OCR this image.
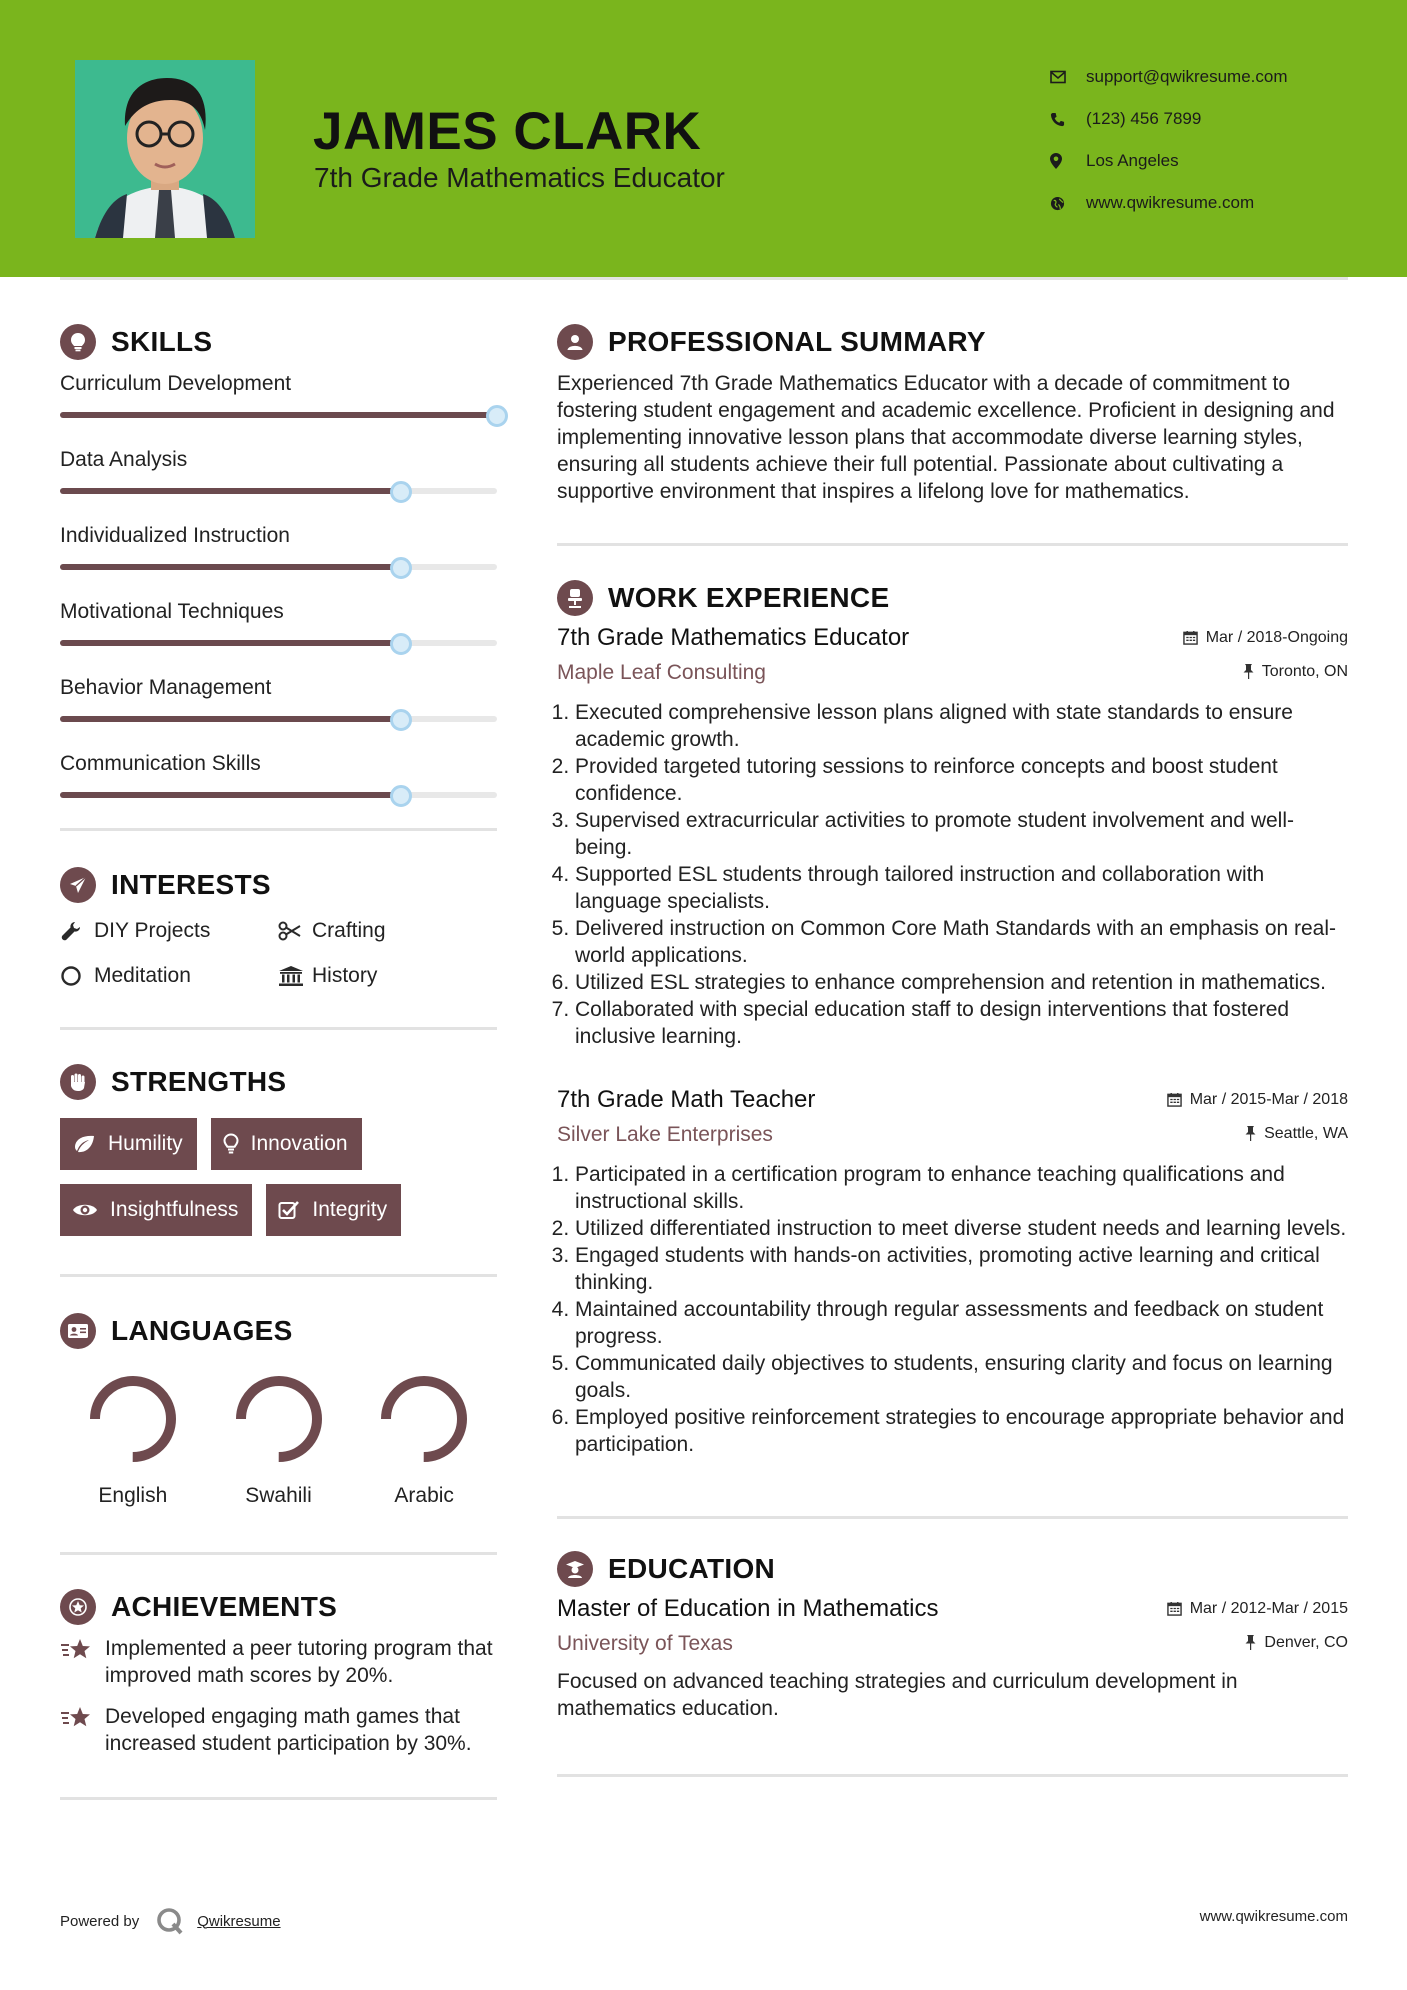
JAMES CLARK
7th Grade Mathematics Educator
support@qwikresume.com
(123) 456 7899
Los Angeles
www.qwikresume.com
SKILLS
Curriculum Development
Data Analysis
Individualized Instruction
Motivational Techniques
Behavior Management
Communication Skills
INTERESTS
DIY Projects	Crafting
Meditation	History
STRENGTHS
Humility	Innovation
Insightfulness	Integrity
LANGUAGES
English	Swahili	Arabic
ACHIEVEMENTS
Implemented a peer tutoring program that improved math scores by 20%.
Developed engaging math games that increased student participation by 30%.
PROFESSIONAL SUMMARY
Experienced 7th Grade Mathematics Educator with a decade of commitment to fostering student engagement and academic excellence. Proficient in designing and implementing innovative lesson plans that accommodate diverse learning styles, ensuring all students achieve their full potential. Passionate about cultivating a supportive environment that inspires a lifelong love for mathematics.
WORK EXPERIENCE
7th Grade Mathematics Educator	Mar / 2018-Ongoing
Maple Leaf Consulting	Toronto, ON
1. Executed comprehensive lesson plans aligned with state standards to ensure academic growth.
2. Provided targeted tutoring sessions to reinforce concepts and boost student confidence.
3. Supervised extracurricular activities to promote student involvement and well-being.
4. Supported ESL students through tailored instruction and collaboration with language specialists.
5. Delivered instruction on Common Core Math Standards with an emphasis on real-world applications.
6. Utilized ESL strategies to enhance comprehension and retention in mathematics.
7. Collaborated with special education staff to design interventions that fostered inclusive learning.
7th Grade Math Teacher	Mar / 2015-Mar / 2018
Silver Lake Enterprises	Seattle, WA
1. Participated in a certification program to enhance teaching qualifications and instructional skills.
2. Utilized differentiated instruction to meet diverse student needs and learning levels.
3. Engaged students with hands-on activities, promoting active learning and critical thinking.
4. Maintained accountability through regular assessments and feedback on student progress.
5. Communicated daily objectives to students, ensuring clarity and focus on learning goals.
6. Employed positive reinforcement strategies to encourage appropriate behavior and participation.
EDUCATION
Master of Education in Mathematics	Mar / 2012-Mar / 2015
University of Texas	Denver, CO
Focused on advanced teaching strategies and curriculum development in mathematics education.
Powered by	Qwikresume	www.qwikresume.com
